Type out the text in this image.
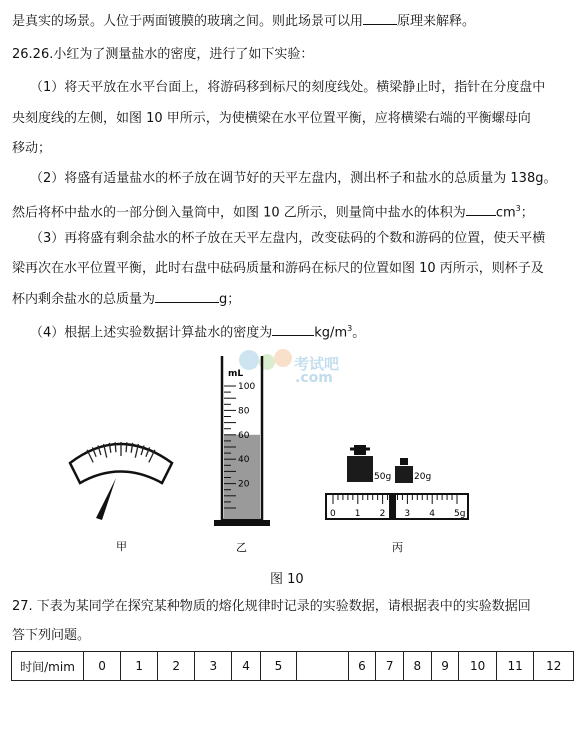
是真实的场景。人位于两面镀膜的玻璃之间。则此场景可以用	原理来解释。
26.26.小红为了测量盐水的密度，进行了如下实验：
（1）将天平放在水平台面上，将游码移到标尺的刻度线处。横梁静止时，指针在分度盘中
央刻度线的左侧，如图 10 甲所示，为使横梁在水平位置平衡，应将横梁右端的平衡螺母向
移动；
（2）将盛有适量盐水的杯子放在调节好的天平左盘内，测出杯子和盐水的总质量为 138g。
然后将杯中盐水的一部分倒入量筒中，如图 10 乙所示，则量筒中盐水的体积为 $cm^3$；
（3）再将盛有剩余盐水的杯子放在天平左盘内，改变砝码的个数和游码的位置，使天平横
梁再次在水平位置平衡，此时右盘中砝码质量和游码在标尺的位置如图 10 丙所示，则杯子及
杯内剩余盐水的总质量为	g；
（4）根据上述实验数据计算盐水的密度为	$kg/m^3$。
考试吧
.com
甲
mL
100
80
60
40
20
乙
50g	20g
0 1 2 3 4 5g
丙
图 10
27. 下表为某同学在探究某种物质的熔化规律时记录的实验数据，请根据表中的实验数据回
答下列问题。
时间/mim	0	1	2	3	4	5		6	7	8	9	10	11	12
